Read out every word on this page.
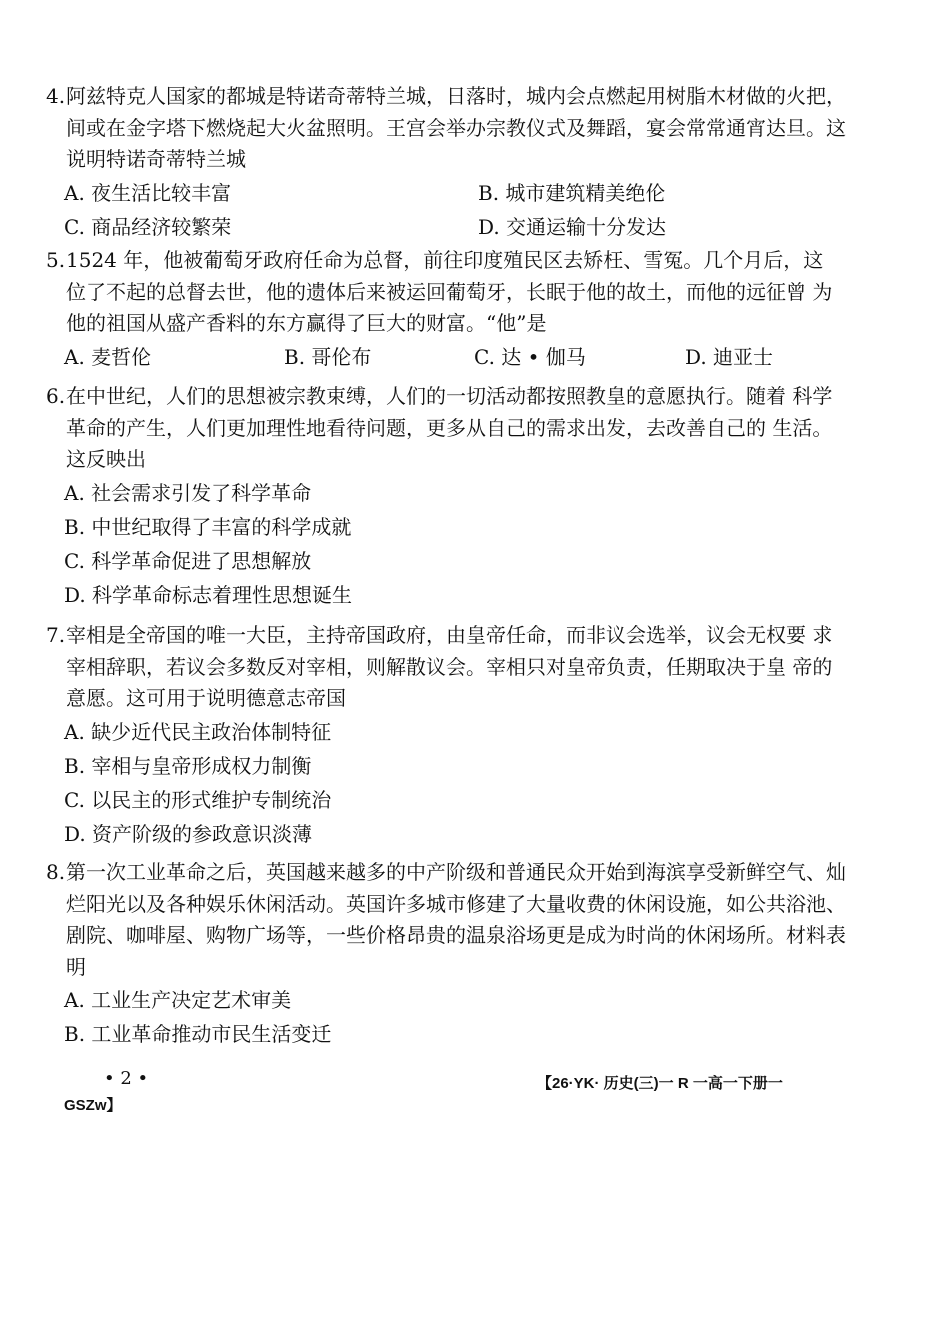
4. 阿兹特克人国家的都城是特诺奇蒂特兰城，日落时，城内会点燃起用树脂木材做的火把，间或在金字塔下燃烧起大火盆照明。王宫会举办宗教仪式及舞蹈，宴会常常通宵达旦。这说明特诺奇蒂特兰城

A. 夜生活比较丰富	B. 城市建筑精美绝伦
C. 商品经济较繁荣	D. 交通运输十分发达

5. 1524 年，他被葡萄牙政府任命为总督，前往印度殖民区去矫枉、雪冤。几个月后，这 位了不起的总督去世，他的遗体后来被运回葡萄牙，长眠于他的故土，而他的远征曾 为他的祖国从盛产香料的东方赢得了巨大的财富。“他”是

A. 麦哲伦	B. 哥伦布	C. 达 • 伽马	D. 迪亚士

6. 在中世纪，人们的思想被宗教束缚，人们的一切活动都按照教皇的意愿执行。随着 科学革命的产生，人们更加理性地看待问题，更多从自己的需求出发，去改善自己的 生活。这反映出

A. 社会需求引发了科学革命

B. 中世纪取得了丰富的科学成就

C. 科学革命促进了思想解放

D. 科学革命标志着理性思想诞生

7. 宰相是全帝国的唯一大臣，主持帝国政府，由皇帝任命，而非议会选举，议会无权要 求宰相辞职，若议会多数反对宰相，则解散议会。宰相只对皇帝负责，任期取决于皇 帝的意愿。这可用于说明德意志帝国

A. 缺少近代民主政治体制特征

B. 宰相与皇帝形成权力制衡

C. 以民主的形式维护专制统治

D. 资产阶级的参政意识淡薄

8. 第一次工业革命之后，英国越来越多的中产阶级和普通民众开始到海滨享受新鲜空气、灿烂阳光以及各种娱乐休闲活动。英国许多城市修建了大量收费的休闲设施，如公共浴池、剧院、咖啡屋、购物广场等，一些价格昂贵的温泉浴场更是成为时尚的休闲场所。材料表明

A. 工业生产决定艺术审美

B. 工业革命推动市民生活变迁

• 2 •	【26·YK· 历史(三)一 R 一高一下册一
GSZw】
